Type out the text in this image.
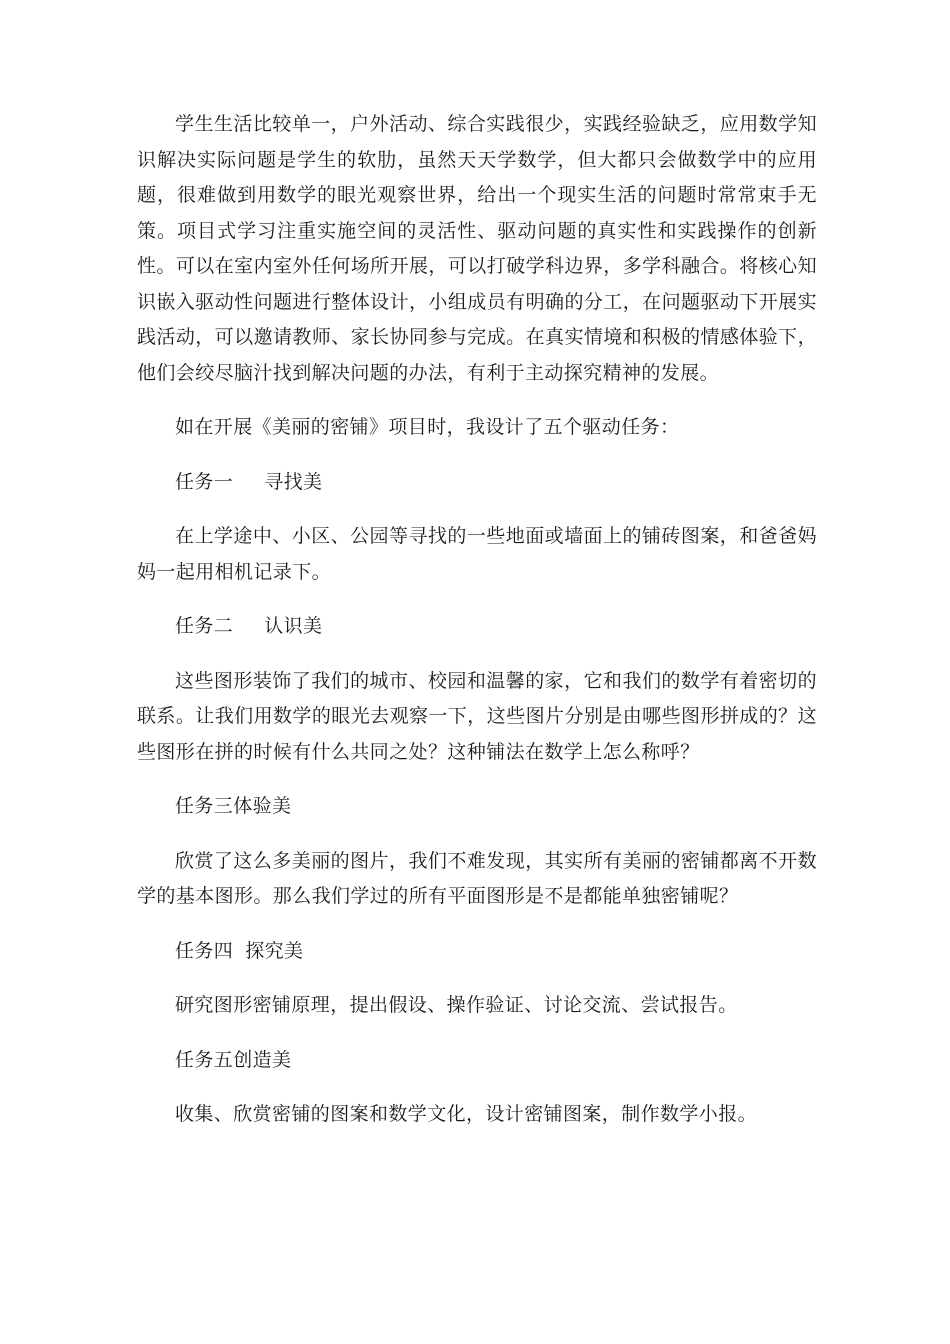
学生生活比较单一，户外活动、综合实践很少，实践经验缺乏，应用数学知识解决实际问题是学生的软肋，虽然天天学数学，但大都只会做数学中的应用题，很难做到用数学的眼光观察世界，给出一个现实生活的问题时常常束手无策。项目式学习注重实施空间的灵活性、驱动问题的真实性和实践操作的创新性。可以在室内室外任何场所开展，可以打破学科边界，多学科融合。将核心知识嵌入驱动性问题进行整体设计，小组成员有明确的分工，在问题驱动下开展实践活动，可以邀请教师、家长协同参与完成。在真实情境和积极的情感体验下，他们会绞尽脑汁找到解决问题的办法，有利于主动探究精神的发展。

如在开展《美丽的密铺》项目时，我设计了五个驱动任务：

任务一 寻找美

在上学途中、小区、公园等寻找的一些地面或墙面上的铺砖图案，和爸爸妈妈一起用相机记录下。

任务二 认识美

这些图形装饰了我们的城市、校园和温馨的家，它和我们的数学有着密切的联系。让我们用数学的眼光去观察一下，这些图片分别是由哪些图形拼成的？这些图形在拼的时候有什么共同之处？这种铺法在数学上怎么称呼？

任务三体验美

欣赏了这么多美丽的图片，我们不难发现，其实所有美丽的密铺都离不开数学的基本图形。那么我们学过的所有平面图形是不是都能单独密铺呢？

任务四 探究美

研究图形密铺原理，提出假设、操作验证、讨论交流、尝试报告。

任务五创造美

收集、欣赏密铺的图案和数学文化，设计密铺图案，制作数学小报。
